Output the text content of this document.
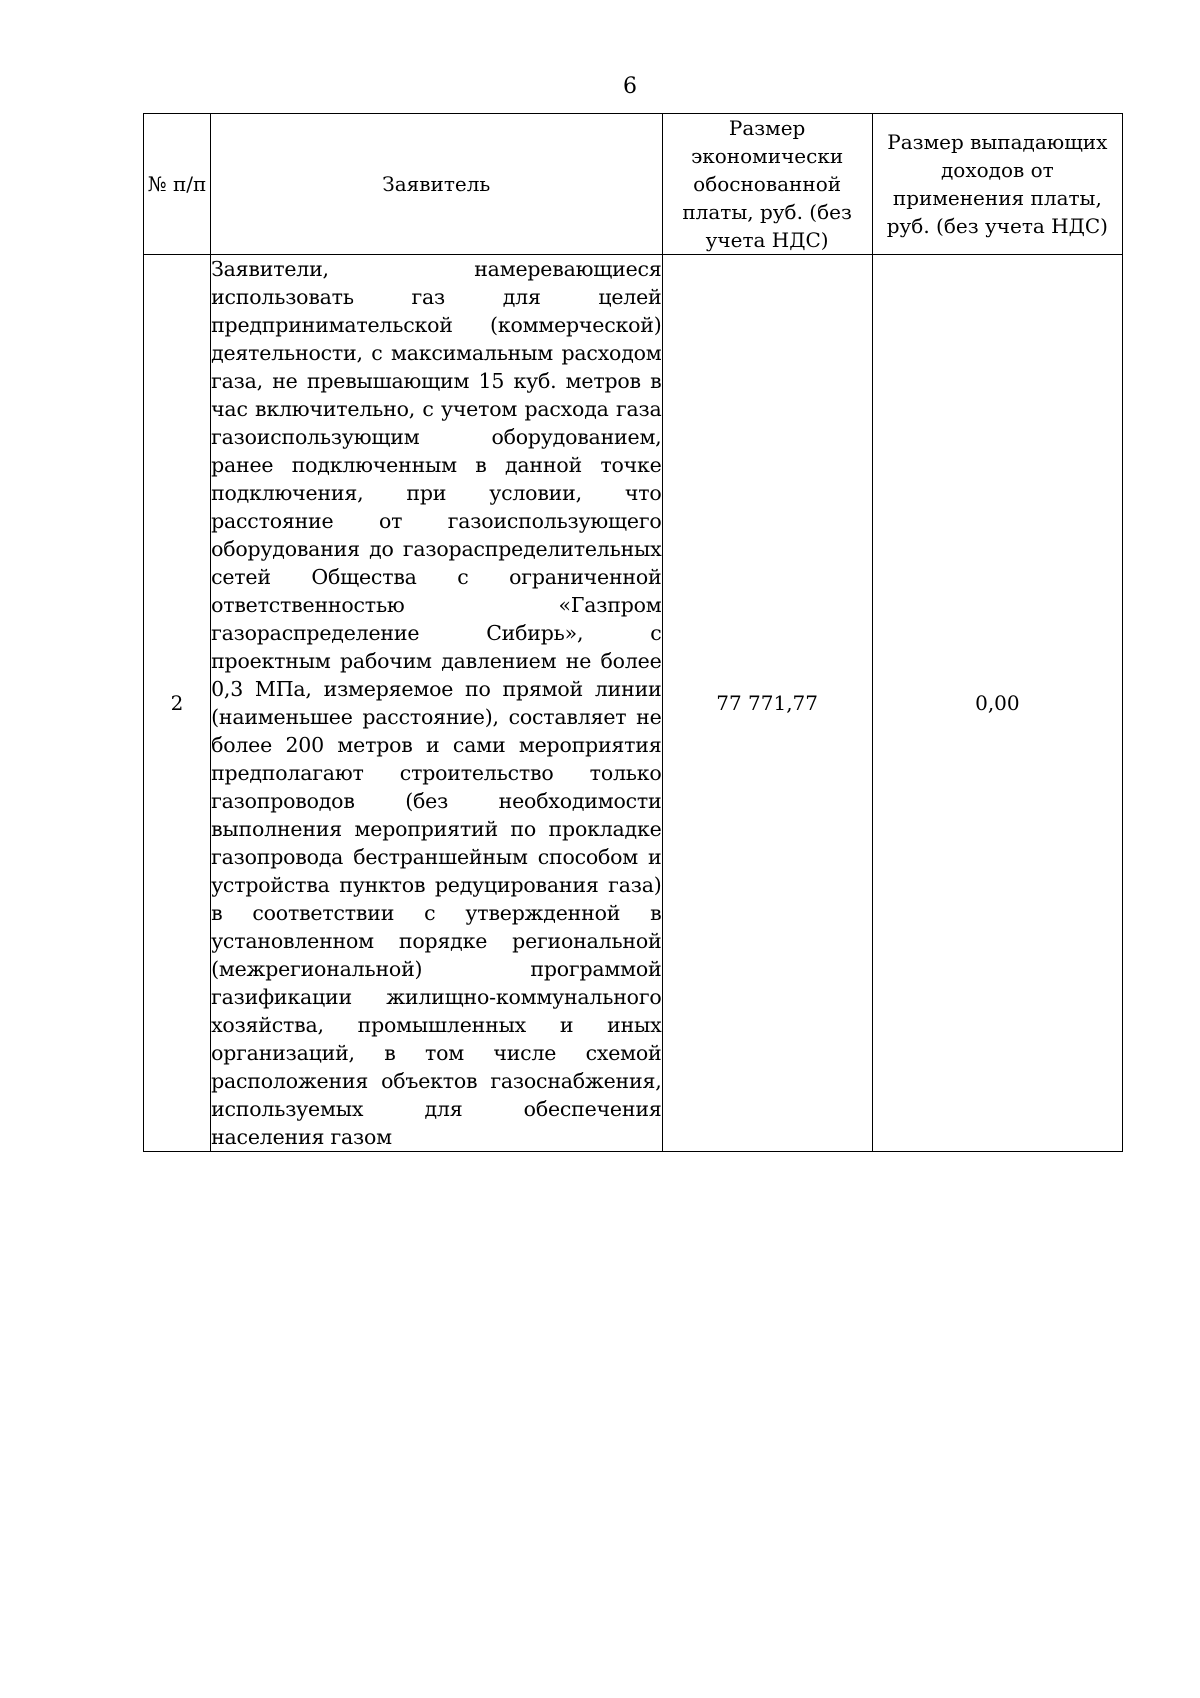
6
№ п/п	Заявитель	Размер экономически обоснованной платы, руб. (без учета НДС)	Размер выпадающих доходов от применения платы, руб. (без учета НДС)
2	Заявители, намеревающиеся использовать газ для целей предпринимательской (коммерческой) деятельности, с максимальным расходом газа, не превышающим 15 куб. метров в час включительно, с учетом расхода газа газоиспользующим оборудованием, ранее подключенным в данной точке подключения, при условии, что расстояние от газоиспользующего оборудования до газораспределительных сетей Общества с ограниченной ответственностью «Газпром газораспределение Сибирь», с проектным рабочим давлением не более 0,3 МПа, измеряемое по прямой линии (наименьшее расстояние), составляет не более 200 метров и сами мероприятия предполагают строительство только газопроводов (без необходимости выполнения мероприятий по прокладке газопровода бестраншейным способом и устройства пунктов редуцирования газа) в соответствии с утвержденной в установленном порядке региональной (межрегиональной) программой газификации жилищно-коммунального хозяйства, промышленных и иных организаций, в том числе схемой расположения объектов газоснабжения, используемых для обеспечения населения газом	77 771,77	0,00
